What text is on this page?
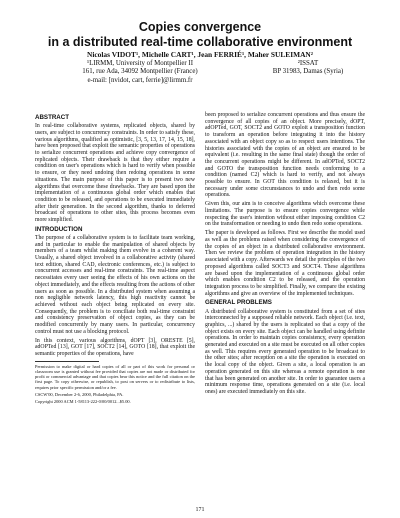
Copies convergence
in a distributed real-time collaborative environment
Nicolas VIDOT¹, Michelle CART¹, Jean FERRIÉ¹, Maher SULEIMAN²
¹LIRMM, University of Montpellier II
161, rue Ada, 34092 Montpellier (France)
e-mail: [nvidot, cart, ferrie]@lirmm.fr
²ISSAT
BP 31983, Damas (Syria)
ABSTRACT

In real-time collaborative systems, replicated objects, shared by users, are subject to concurrency constraints. In order to satisfy these, various algorithms, qualified as optimistic, [3, 5, 13, 17, 14, 15, 18], have been proposed that exploit the semantic properties of operations to serialize concurrent operations and achieve copy convergence of replicated objects. Their drawback is that they either require a condition on user's operations which is hard to verify when possible to ensure, or they need undoing then redoing operations in some situations. The main purpose of this paper is to present two new algorithms that overcome these drawbacks. They are based upon the implementation of a continuous global order which enables that condition to be released, and operations to be executed immediately after their generation. In the second algorithm, thanks to deferred broadcast of operations to other sites, this process becomes even more simplified.

INTRODUCTION

The purpose of a collaborative system is to facilitate team working, and in particular to enable the manipulation of shared objects by members of a team whilst making them evolve in a coherent way. Usually, a shared object involved in a collaborative activity (shared text edition, shared CAD, electronic conferences, etc.) is subject to concurrent accesses and real-time constraints. The real-time aspect necessitates every user seeing the effects of his own actions on the object immediately, and the effects resulting from the actions of other users as soon as possible. In a distributed system when assuming a non negligible network latency, this high reactivity cannot be achieved without each object being replicated on every site. Consequently, the problem is to conciliate both real-time constraint and consistency preservation of object copies, as they can be modified concurrently by many users. In particular, concurrency control must not use a blocking protocol.

In this context, various algorithms, dOPT [3], ORESTE [5], adOPTed [13], GOT [17], SOCT2 [14], GOTO [18], that exploit the semantic properties of the operations, have

Permission to make digital or hard copies of all or part of this work for personal or classroom use is granted without fee provided that copies are not made or distributed for profit or commercial advantage and that copies bear this notice and the full citation on the first page. To copy otherwise, or republish, to post on servers or to redistribute to lists, requires prior specific permission and/or a fee.

CSCW'00, December 2-6, 2000, Philadelphia, PA.

Copyright 2000 ACM 1-58113-222-0/00/0012...$5.00.

been proposed to serialize concurrent operations and thus ensure the convergence of all copies of an object. More precisely, dOPT, adOPTed, GOT, SOCT2 and GOTO exploit a transposition function to transform an operation before integrating it into the history associated with an object copy so as to respect users intentions. The histories associated with the copies of an object are ensured to be equivalent (i.e. resulting in the same final state) though the order of the concurrent operations might be different. In adOPTed, SOCT2 and GOTO the transposition function needs conforming to a condition (named C2) which is hard to verify, and not always possible to ensure. In GOT this condition is relaxed, but it is necessary under some circumstances to undo and then redo some operations.

Given this, our aim is to conceive algorithms which overcome these limitations. The purpose is to ensure copies convergence while respecting the user's intention without either imposing condition C2 on the transformation or needing to undo then redo some operations.

The paper is developed as follows. First we describe the model used as well as the problems raised when considering the convergence of the copies of an object in a distributed collaborative environment. Then we review the problem of operation integration in the history associated with a copy. Afterwards we detail the principles of the two proposed algorithms called SOCT3 and SOCT4. These algorithms are based upon the implementation of a continuous global order which enables condition C2 to be released, and the operation integration process to be simplified. Finally, we compare the existing algorithms and give an overview of the implemented techniques.

GENERAL PROBLEMS

A distributed collaborative system is constituted from a set of sites interconnected by a supposed reliable network. Each object (i.e. text, graphics, ...) shared by the users is replicated so that a copy of the object exists on every site. Each object can be handled using definite operations. In order to maintain copies consistency, every operation generated and executed on a site must be executed on all other copies as well. This requires every generated operation to be broadcast to the other sites; after reception on a site the operation is executed on the local copy of the object. Given a site, a local operation is an operation generated on this site whereas a remote operation is one that has been generated on another site. In order to guarantee users a minimum response time, operations generated on a site (i.e. local ones) are executed immediately on this site.

171
